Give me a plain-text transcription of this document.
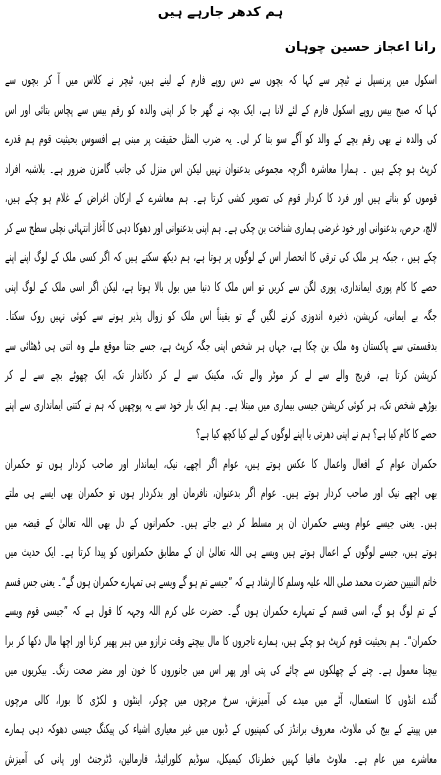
ہم کدھر جارہے ہیں
رانا اعجاز حسین چوہان
اسکول میں پرنسپل نے ٹیچر سے کہا کہ بچوں سے دس روپے فارم کے لینے ہیں، ٹیچر نے کلاس میں آ کر بچوں سے
کہا کہ صبح بیس روپے اسکول فارم کے لئے لانا ہے، ایک بچہ نے گھر جا کر اپنی والدہ کو رقم بیس سے پچاس بتائی اور اس
کی والدہ نے بھی رقم بچے کے والد کو آگے سو بتا کر لی۔ یہ ضرب المثل حقیقت پر مبنی ہے افسوس بحیثیت قوم ہم قدرے
کرپٹ ہو چکے ہیں ۔ ہمارا معاشرہ اگرچہ مجموعی بدعنوان نہیں لیکن اس منزل کی جانب گامزن ضرور ہے۔ بلاشبہ افراد
قوموں کو بناتے ہیں اور فرد کا کردار قوم کی تصویر کشی کرتا ہے۔ ہم معاشرے کے ارکان اغراض کے غلام ہو چکے ہیں،
لالچ، حرص، بدعنوانی اور خود غرضی ہماری شناخت بن چکی ہے۔ ہم اپنی بدعنوانی اور دھوکا دہی کا آغاز انتہائی نچلی سطح سے کر
چکے ہیں ، جبکہ ہر ملک کی ترقی کا انحصار اس کے لوگوں پر ہوتا ہے، ہم دیکھ سکتے ہیں کہ اگر کسی ملک کے لوگ اپنے اپنے
حصے کا کام پوری ایمانداری، پوری لگن سے کریں تو اس ملک کا دنیا میں بول بالا ہوتا ہے، لیکن اگر اسی ملک کے لوگ اپنی
جگہ بے ایمانی، کرپشن، ذخیرہ اندوزی کرنے لگیں گے تو یقیناً اس ملک کو زوال پذیر ہونے سے کوئی نہیں روک سکتا۔
بدقسمتی سے پاکستان وہ ملک بن چکا ہے، جہاں ہر شخص اپنی جگہ کرپٹ ہے، جسے جتنا موقع ملے وہ اتنی ہی ڈھٹائی سے
کرپشن کرتا ہے، فریج والے سے لے کر موٹر والے تک، مکینک سے لے کر دکاندار تک، ایک چھوٹے بچے سے لے کر
بوڑھے شخص تک، ہر کوئی کرپشن جیسی بیماری میں مبتلا ہے۔ ہم ایک بار خود سے یہ پوچھیں کہ ہم نے کتنی ایمانداری سے اپنے
حصے کا کام کیا ہے؟ ہم نے اپنی دھرتی یا اپنے لوگوں کے لیے کیا کچھ کیا ہے؟
حکمران عوام کے افعال واعمال کا عکس ہوتے ہیں، عوام اگر اچھے، نیک، ایماندار اور صاحب کردار ہوں تو حکمران
بھی اچھے نیک اور صاحب کردار ہوتے ہیں۔ عوام اگر بدعنوان، نافرمان اور بدکردار ہوں تو حکمران بھی ایسے ہی ملتے
ہیں۔ یعنی جیسے عوام ویسے حکمران ان پر مسلط کر دیے جاتے ہیں۔ حکمرانوں کے دل بھی اللہ تعالیٰ کے قبضہ میں
ہوتے ہیں، جیسے لوگوں کے اعمال ہوتے ہیں ویسے ہی اللہ تعالیٰ ان کے مطابق حکمرانوں کو پیدا کرتا ہے۔ ایک حدیث میں
خاتم النبیین حضرت محمد صلی اللہ علیہ وسلم کا ارشاد ہے کہ ”جیسے تم ہو گے ویسے ہی تمہارے حکمران ہوں گے“۔ یعنی جس قسم
کے تم لوگ ہو گے، اسی قسم کے تمہارے حکمران ہوں گے۔ حضرت علی کرم اللہ وجہہ کا قول ہے کہ ”جیسی قوم ویسے
حکمران“۔ ہم بحیثیت قوم کرپٹ ہو چکے ہیں، ہمارے تاجروں کا مال بیچتے وقت ترازو میں ہیر پھیر کرنا اور اچھا مال دکھا کر برا
بیچنا معمول ہے۔ چنے کے چھلکوں سے چائے کی پتی اور پھر اس میں جانوروں کا خون اور مضر صحت رنگ۔ بیکریوں میں
گندے انڈوں کا استعمال، آٹے میں میدے کی آمیزش، سرخ مرچوں میں چوکر، اینٹوں و لکڑی کا بورا، کالی مرچوں
میں پپیتے کے بیج کی ملاوٹ، معروف برانڈز کی کمپنیوں کے ڈبوں میں غیر معیاری اشیاء کی پیکنگ جیسی دھوکہ دہی ہمارے
معاشرے میں عام ہے۔ ملاوٹ مافیا کہیں خطرناک کیمیکل، سوڈیم کلورائیڈ، فارمالین، ڈٹرجنٹ اور پانی کی آمیزش
